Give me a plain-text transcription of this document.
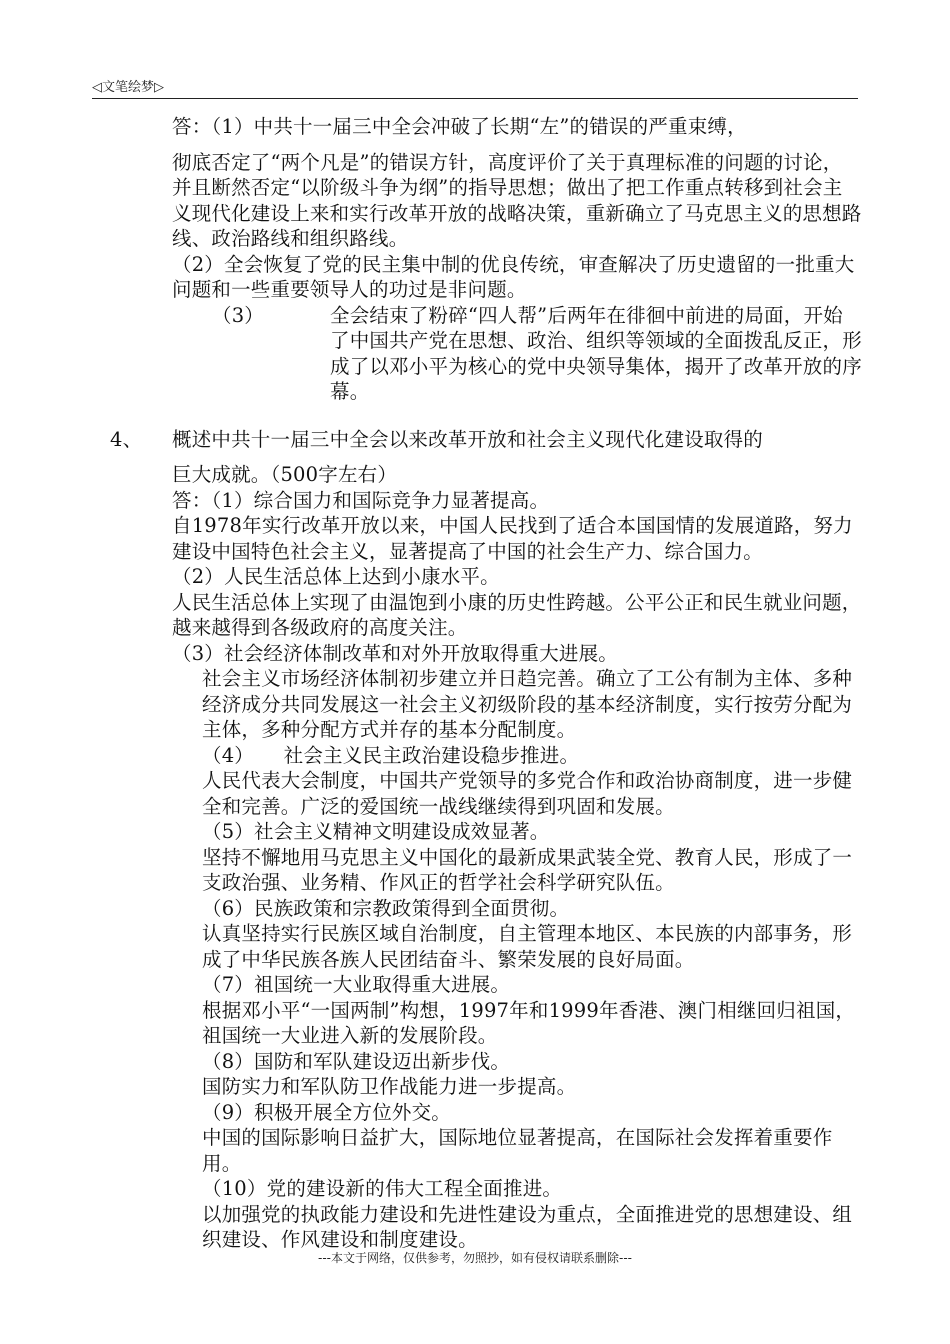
◁文笔绘梦▷

答：（1）中共十一届三中全会冲破了长期“左”的错误的严重束缚，

彻底否定了“两个凡是”的错误方针，高度评价了关于真理标准的问题的讨论，并且断然否定“以阶级斗争为纲”的指导思想；做出了把工作重点转移到社会主义现代化建设上来和实行改革开放的战略决策，重新确立了马克思主义的思想路线、政治路线和组织路线。

（2）全会恢复了党的民主集中制的优良传统，审查解决了历史遗留的一批重大问题和一些重要领导人的功过是非问题。

（3）	全会结束了粉碎“四人帮”后两年在徘徊中前进的局面，开始了中国共产党在思想、政治、组织等领域的全面拨乱反正，形成了以邓小平为核心的党中央领导集体，揭开了改革开放的序幕。
4、 概述中共十一届三中全会以来改革开放和社会主义现代化建设取得的

巨大成就。（500字左右）

答：（1）综合国力和国际竞争力显著提高。

自1978年实行改革开放以来，中国人民找到了适合本国国情的发展道路，努力建设中国特色社会主义，显著提高了中国的社会生产力、综合国力。

（2）人民生活总体上达到小康水平。

人民生活总体上实现了由温饱到小康的历史性跨越。公平公正和民生就业问题，越来越得到各级政府的高度关注。

（3）社会经济体制改革和对外开放取得重大进展。

社会主义市场经济体制初步建立并日趋完善。确立了工公有制为主体、多种经济成分共同发展这一社会主义初级阶段的基本经济制度，实行按劳分配为主体，多种分配方式并存的基本分配制度。

（4）　　社会主义民主政治建设稳步推进。

人民代表大会制度，中国共产党领导的多党合作和政治协商制度，进一步健全和完善。广泛的爱国统一战线继续得到巩固和发展。

（5）社会主义精神文明建设成效显著。

坚持不懈地用马克思主义中国化的最新成果武装全党、教育人民，形成了一支政治强、业务精、作风正的哲学社会科学研究队伍。

（6）民族政策和宗教政策得到全面贯彻。

认真坚持实行民族区域自治制度，自主管理本地区、本民族的内部事务，形成了中华民族各族人民团结奋斗、繁荣发展的良好局面。

（7）祖国统一大业取得重大进展。

根据邓小平“一国两制”构想，1997年和1999年香港、澳门相继回归祖国，祖国统一大业进入新的发展阶段。

（8）国防和军队建设迈出新步伐。

国防实力和军队防卫作战能力进一步提高。

（9）积极开展全方位外交。

中国的国际影响日益扩大，国际地位显著提高，在国际社会发挥着重要作用。

（10）党的建设新的伟大工程全面推进。

以加强党的执政能力建设和先进性建设为重点，全面推进党的思想建设、组织建设、作风建设和制度建设。

---本文于网络，仅供参考，勿照抄，如有侵权请联系删除---
